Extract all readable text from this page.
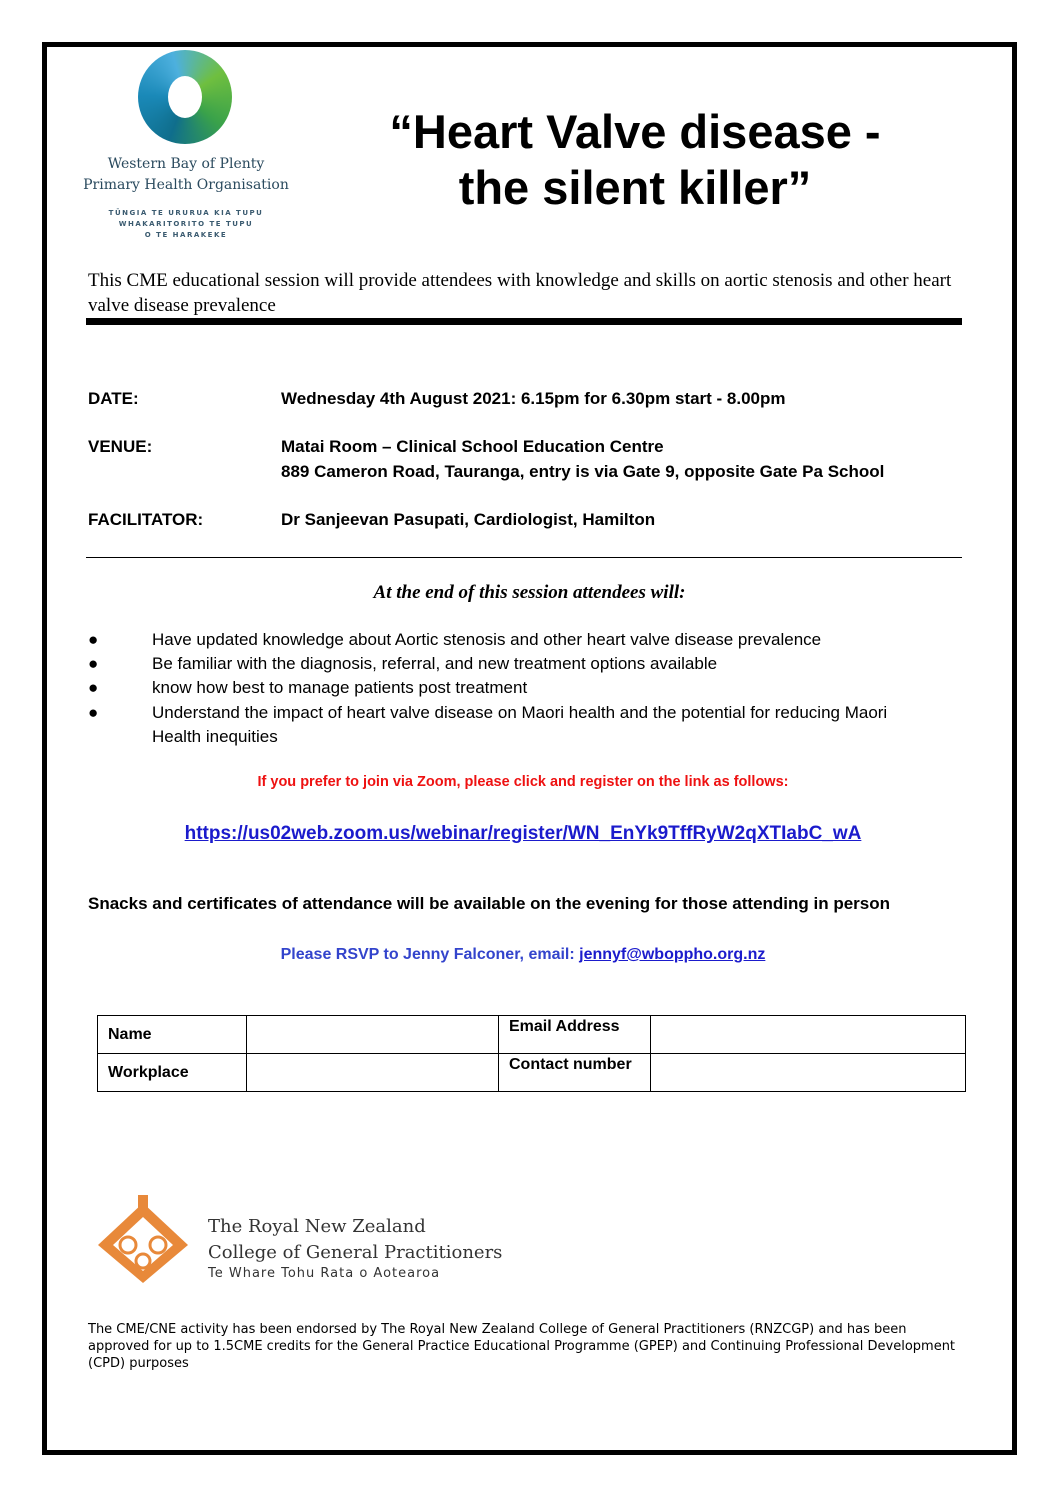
Western Bay of Plenty
Primary Health Organisation
TŪNGIA TE URURUA KIA TUPU
WHAKARITORITO TE TUPU
O TE HARAKEKE
“Heart Valve disease -
the silent killer”
This CME educational session will provide attendees with knowledge and skills on aortic stenosis and other heart valve disease prevalence
DATE:	Wednesday 4th August 2021: 6.15pm for 6.30pm start - 8.00pm
VENUE:	Matai Room – Clinical School Education Centre
889 Cameron Road, Tauranga, entry is via Gate 9, opposite Gate Pa School
FACILITATOR:	Dr Sanjeevan Pasupati, Cardiologist, Hamilton
At the end of this session attendees will:
●	Have updated knowledge about Aortic stenosis and other heart valve disease prevalence
●	Be familiar with the diagnosis, referral, and new treatment options available
●	know how best to manage patients post treatment
●	Understand the impact of heart valve disease on Maori health and the potential for reducing Maori Health inequities
If you prefer to join via Zoom, please click and register on the link as follows:
https://us02web.zoom.us/webinar/register/WN_EnYk9TffRyW2qXTIabC_wA
Snacks and certificates of attendance will be available on the evening for those attending in person
Please RSVP to Jenny Falconer, email: jennyf@wboppho.org.nz
Name		Email Address	
Workplace		Contact number	
The Royal New Zealand
College of General Practitioners
Te Whare Tohu Rata o Aotearoa
The CME/CNE activity has been endorsed by The Royal New Zealand College of General Practitioners (RNZCGP) and has been approved for up to 1.5CME credits for the General Practice Educational Programme (GPEP) and Continuing Professional Development (CPD) purposes
